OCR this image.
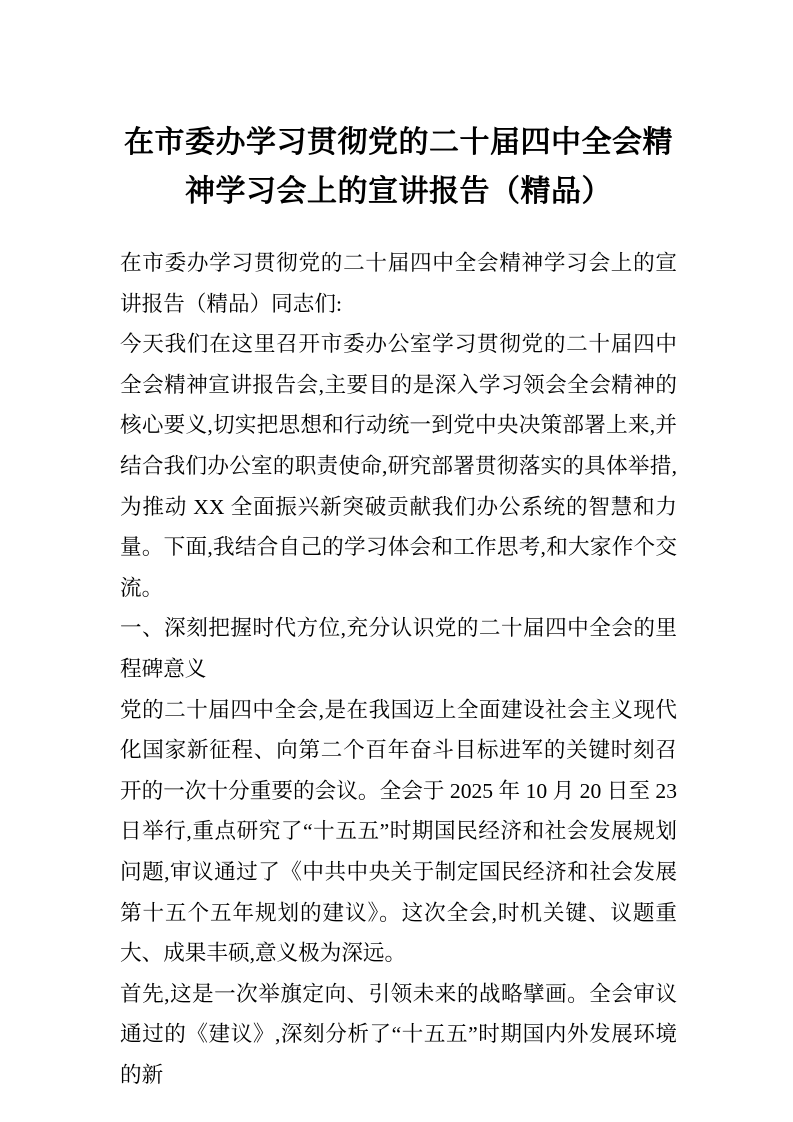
在市委办学习贯彻党的二十届四中全会精神学习会上的宣讲报告（精品）

在市委办学习贯彻党的二十届四中全会精神学习会上的宣讲报告（精品）同志们:

今天我们在这里召开市委办公室学习贯彻党的二十届四中全会精神宣讲报告会,主要目的是深入学习领会全会精神的核心要义,切实把思想和行动统一到党中央决策部署上来,并结合我们办公室的职责使命,研究部署贯彻落实的具体举措,为推动 XX 全面振兴新突破贡献我们办公系统的智慧和力量。下面,我结合自己的学习体会和工作思考,和大家作个交流。

一、深刻把握时代方位,充分认识党的二十届四中全会的里程碑意义

党的二十届四中全会,是在我国迈上全面建设社会主义现代化国家新征程、向第二个百年奋斗目标进军的关键时刻召开的一次十分重要的会议。全会于 2025 年 10 月 20 日至 23 日举行,重点研究了“十五五”时期国民经济和社会发展规划问题,审议通过了《中共中央关于制定国民经济和社会发展第十五个五年规划的建议》。这次全会,时机关键、议题重大、成果丰硕,意义极为深远。

首先,这是一次举旗定向、引领未来的战略擘画。全会审议通过的《建议》,深刻分析了“十五五”时期国内外发展环境的新
